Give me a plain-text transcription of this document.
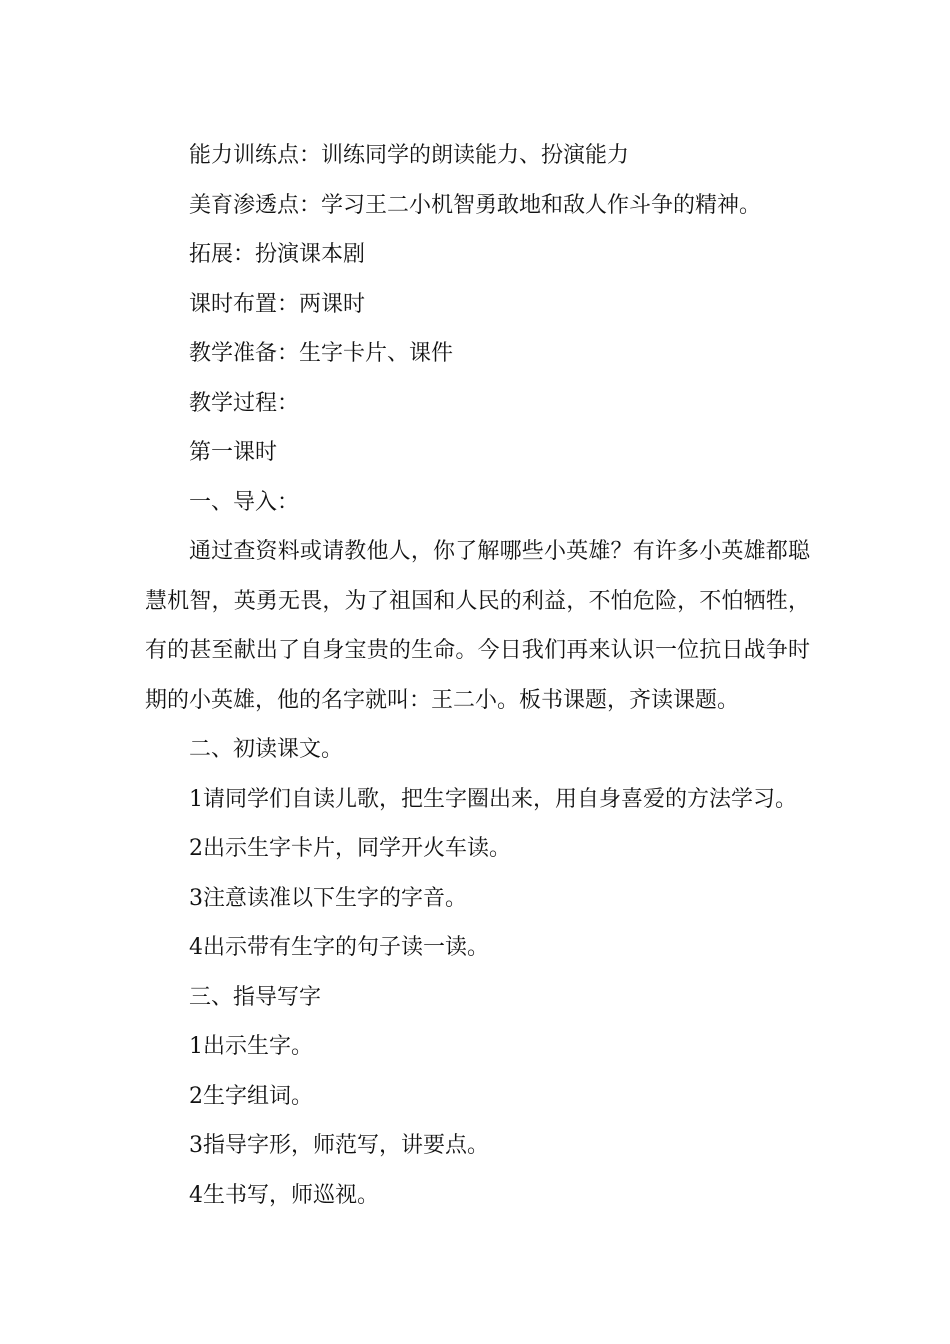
能力训练点：训练同学的朗读能力、扮演能力

美育渗透点：学习王二小机智勇敢地和敌人作斗争的精神。

拓展：扮演课本剧

课时布置：两课时

教学准备：生字卡片、课件

教学过程：

第一课时

一、导入：

通过查资料或请教他人，你了解哪些小英雄？有许多小英雄都聪慧机智，英勇无畏，为了祖国和人民的利益，不怕危险，不怕牺牲，有的甚至献出了自身宝贵的生命。今日我们再来认识一位抗日战争时期的小英雄，他的名字就叫：王二小。板书课题，齐读课题。

二、初读课文。

1请同学们自读儿歌，把生字圈出来，用自身喜爱的方法学习。

2出示生字卡片，同学开火车读。

3注意读准以下生字的字音。

4出示带有生字的句子读一读。

三、指导写字

1出示生字。

2生字组词。

3指导字形，师范写，讲要点。

4生书写，师巡视。
